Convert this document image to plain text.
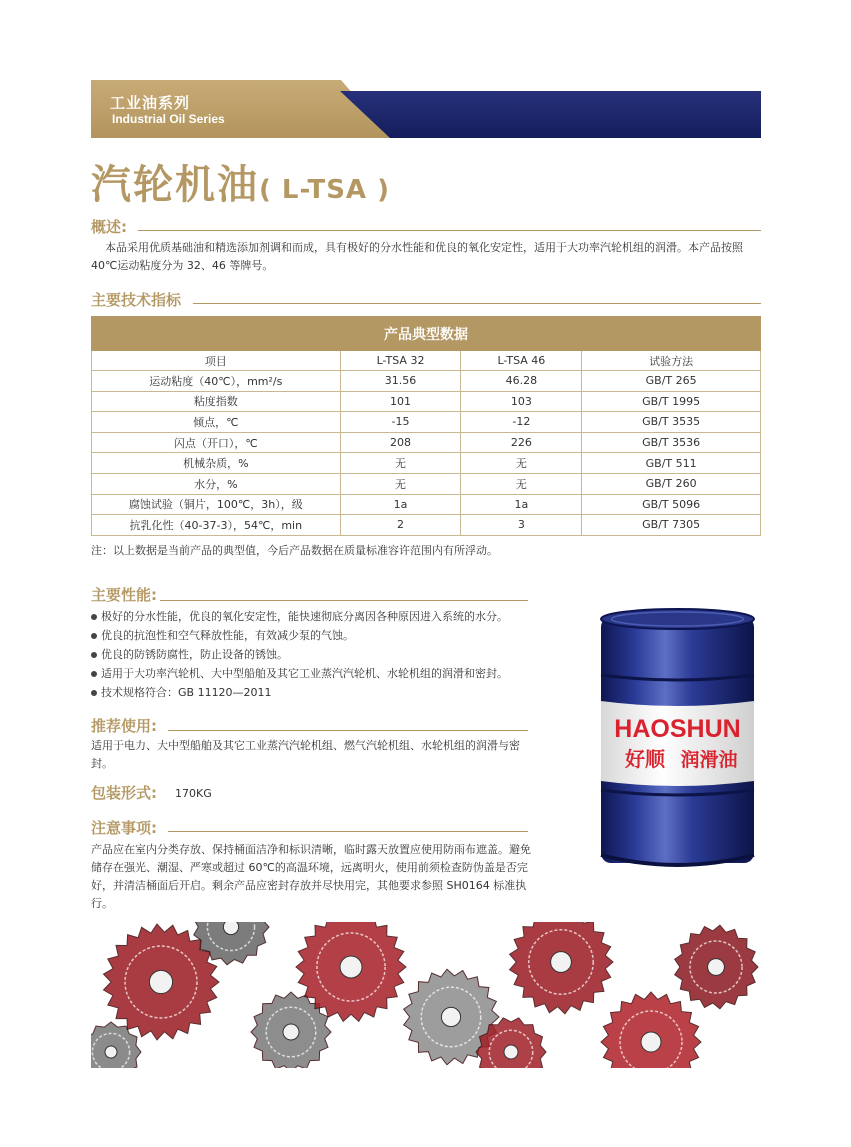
工业油系列
Industrial Oil Series
汽轮机油( L-TSA )
概述:
本品采用优质基础油和精选添加剂调和而成，具有极好的分水性能和优良的氧化安定性，适用于大功率汽轮机组的润滑。本产品按照40℃运动粘度分为 32、46 等牌号。
主要技术指标
产品典型数据			
项目	L-TSA 32	L-TSA 46	试验方法
运动粘度（40℃），mm²/s	31.56	46.28	GB/T 265
粘度指数	101	103	GB/T 1995
倾点，℃	-15	-12	GB/T 3535
闪点（开口），℃	208	226	GB/T 3536
机械杂质，%	无	无	GB/T 511
水分，%	无	无	GB/T 260
腐蚀试验（铜片，100℃，3h），级	1a	1a	GB/T 5096
抗乳化性（40-37-3），54℃，min	2	3	GB/T 7305
注：以上数据是当前产品的典型值，今后产品数据在质量标准容许范围内有所浮动。
主要性能:
极好的分水性能，优良的氧化安定性，能快速彻底分离因各种原因进入系统的水分。
优良的抗泡性和空气释放性能，有效减少泵的气蚀。
优良的防锈防腐性，防止设备的锈蚀。
适用于大功率汽轮机、大中型船舶及其它工业蒸汽汽轮机、水轮机组的润滑和密封。
技术规格符合：GB 11120—2011
推荐使用:
适用于电力、大中型船舶及其它工业蒸汽汽轮机组、燃气汽轮机组、水轮机组的润滑与密封。
包装形式: 170KG
注意事项:
产品应在室内分类存放、保持桶面洁净和标识清晰，临时露天放置应使用防雨布遮盖。避免储存在强光、潮湿、严寒或超过 60℃的高温环境，远离明火，使用前须检查防伪盖是否完好，并清洁桶面后开启。剩余产品应密封存放并尽快用完，其他要求参照 SH0164 标准执行。
HAOSHUN
好顺 润滑油
